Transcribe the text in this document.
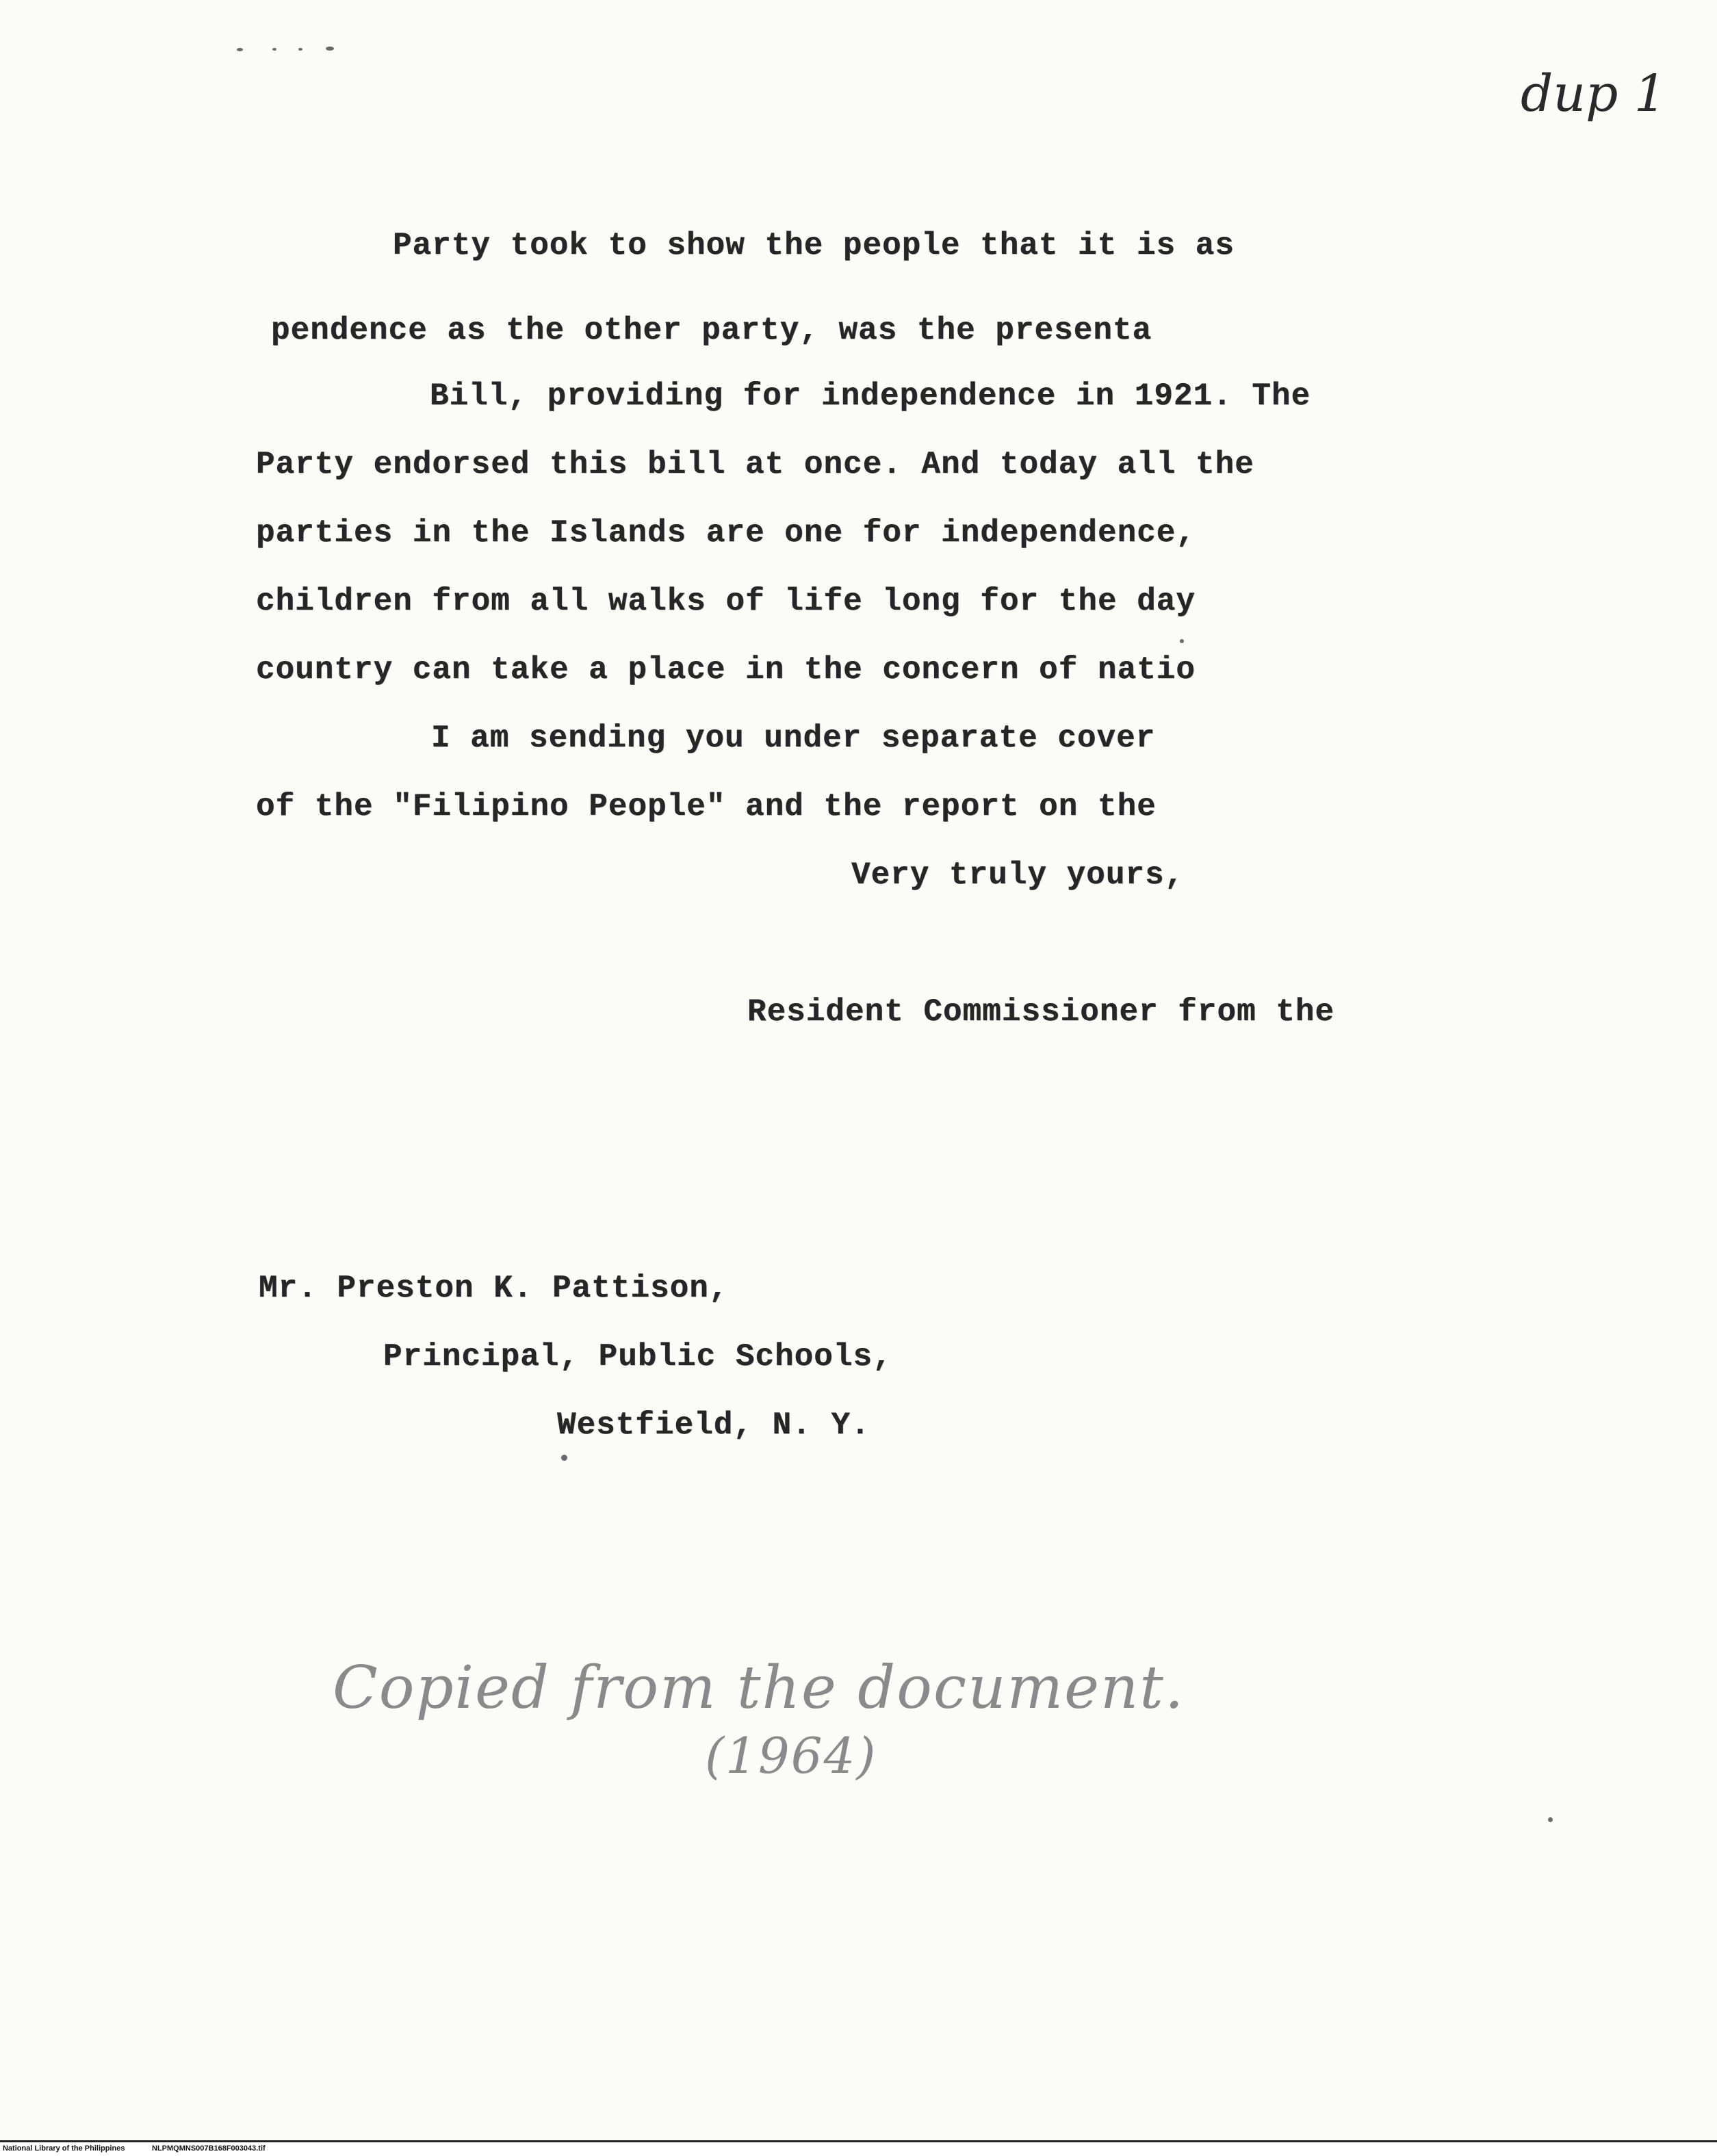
dup 1
Party took to show the people that it is as
pendence as the other party, was the presenta
Bill, providing for independence in 1921. The
Party endorsed this bill at once. And today all the
parties in the Islands are one for independence,
children from all walks of life long for the day
country can take a place in the concern of natio
I am sending you under separate cover
of the "Filipino People" and the report on the
Very truly yours,
Resident Commissioner from the
Mr. Preston K. Pattison,
Principal, Public Schools,
Westfield, N. Y.
Copied from the document.
(1964)
National Library of the Philippines	NLPMQMNS007B168F003043.tif
